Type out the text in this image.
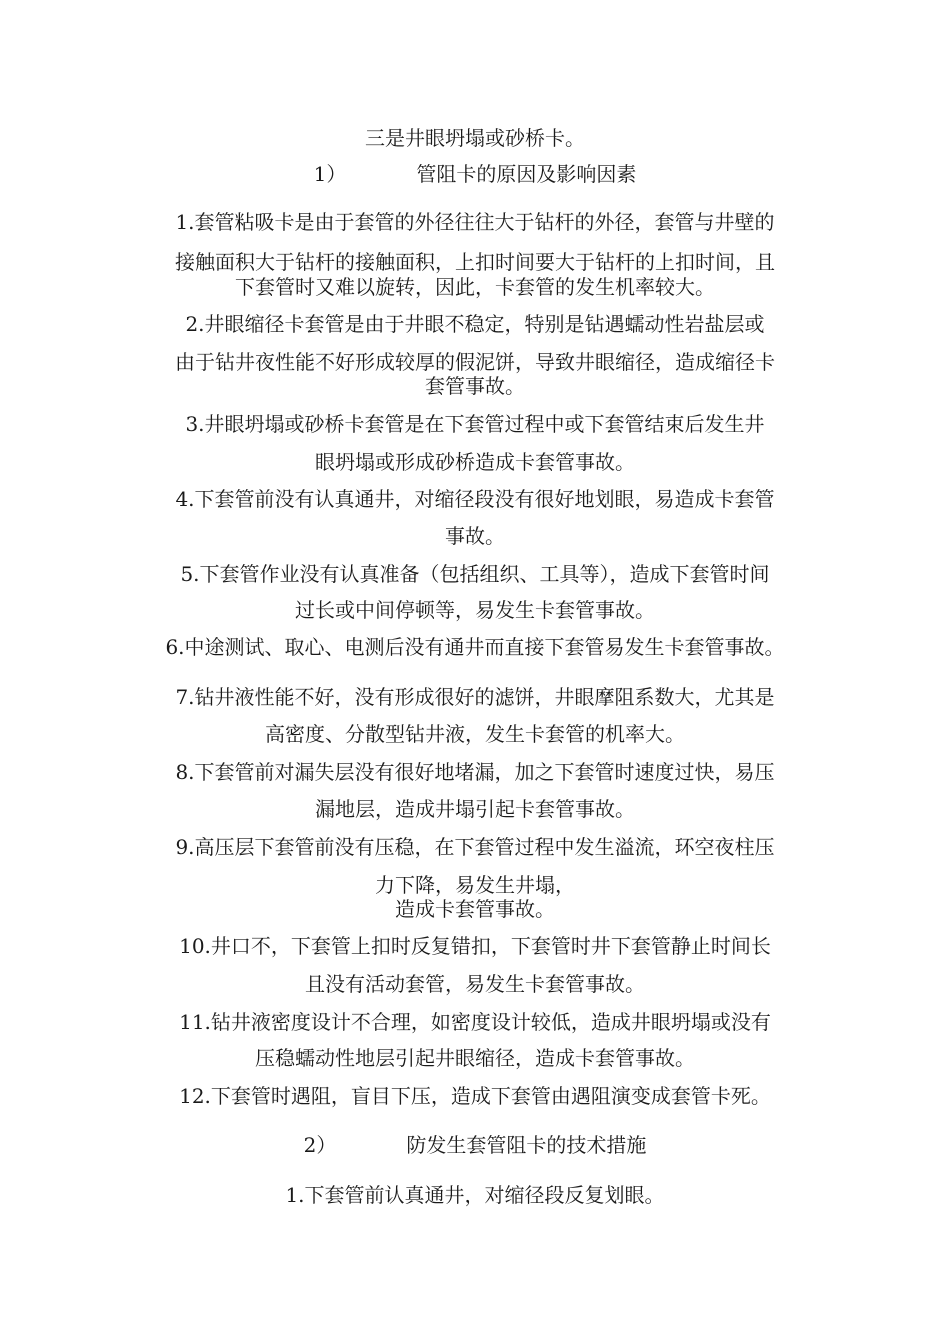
三是井眼坍塌或砂桥卡。
1）	管阻卡的原因及影响因素
1.套管粘吸卡是由于套管的外径往往大于钻杆的外径，套管与井壁的
接触面积大于钻杆的接触面积，上扣时间要大于钻杆的上扣时间，且
下套管时又难以旋转，因此，卡套管的发生机率较大。
2.井眼缩径卡套管是由于井眼不稳定，特别是钻遇蠕动性岩盐层或
由于钻井夜性能不好形成较厚的假泥饼，导致井眼缩径，造成缩径卡
套管事故。
3.井眼坍塌或砂桥卡套管是在下套管过程中或下套管结束后发生井
眼坍塌或形成砂桥造成卡套管事故。
4.下套管前没有认真通井，对缩径段没有很好地划眼，易造成卡套管
事故。
5.下套管作业没有认真准备（包括组织、工具等），造成下套管时间
过长或中间停顿等，易发生卡套管事故。
6.中途测试、取心、电测后没有通井而直接下套管易发生卡套管事故。
7.钻井液性能不好，没有形成很好的滤饼，井眼摩阻系数大，尤其是
高密度、分散型钻井液，发生卡套管的机率大。
8.下套管前对漏失层没有很好地堵漏，加之下套管时速度过快，易压
漏地层，造成井塌引起卡套管事故。
9.高压层下套管前没有压稳，在下套管过程中发生溢流，环空夜柱压
力下降，易发生井塌，
造成卡套管事故。
10.井口不，下套管上扣时反复错扣，下套管时井下套管静止时间长
且没有活动套管，易发生卡套管事故。
11.钻井液密度设计不合理，如密度设计较低，造成井眼坍塌或没有
压稳蠕动性地层引起井眼缩径，造成卡套管事故。
12.下套管时遇阻，盲目下压，造成下套管由遇阻演变成套管卡死。
2）	防发生套管阻卡的技术措施
1.下套管前认真通井，对缩径段反复划眼。
